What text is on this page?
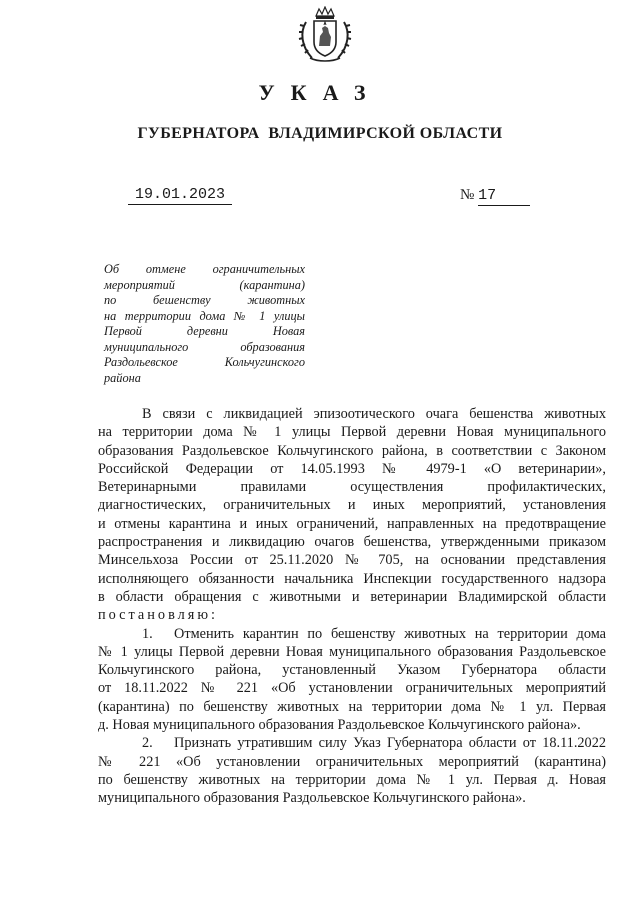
УКАЗ
ГУБЕРНАТОРА  ВЛАДИМИРСКОЙ ОБЛАСТИ
19.01.2023	№ 17
Об отмене ограничительных
мероприятий (карантина)
по бешенству животных
на территории дома № 1 улицы
Первой деревни Новая
муниципального образования
Раздольевское Кольчугинского
района
В связи с ликвидацией эпизоотического очага бешенства животных
на территории дома № 1 улицы Первой деревни Новая муниципального
образования Раздольевское Кольчугинского района, в соответствии с Законом
Российской Федерации от 14.05.1993 № 4979-1 «О ветеринарии»,
Ветеринарными правилами осуществления профилактических,
диагностических, ограничительных и иных мероприятий, установления
и отмены карантина и иных ограничений, направленных на предотвращение
распространения и ликвидацию очагов бешенства, утвержденными приказом
Минсельхоза России от 25.11.2020 № 705, на основании представления
исполняющего обязанности начальника Инспекции государственного надзора
в области обращения с животными и ветеринарии Владимирской области
постановляю:
1. Отменить карантин по бешенству животных на территории дома
№ 1 улицы Первой деревни Новая муниципального образования Раздольевское
Кольчугинского района, установленный Указом Губернатора области
от 18.11.2022 № 221 «Об установлении ограничительных мероприятий
(карантина) по бешенству животных на территории дома № 1 ул. Первая
д. Новая муниципального образования Раздольевское Кольчугинского района».
2. Признать утратившим силу Указ Губернатора области от 18.11.2022
№ 221 «Об установлении ограничительных мероприятий (карантина)
по бешенству животных на территории дома № 1 ул. Первая д. Новая
муниципального образования Раздольевское Кольчугинского района».
